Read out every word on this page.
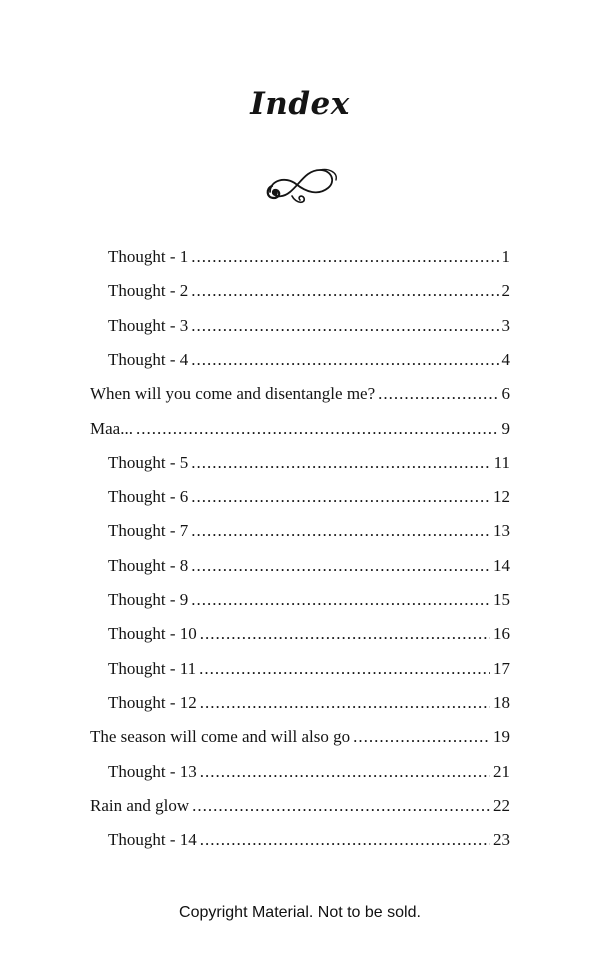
Index
Thought - 1 .....	1
Thought - 2 .....	2
Thought - 3 .....	3
Thought - 4 .....	4
When will you come and disentangle me? .....	6
Maa... .....	9
Thought - 5 .....	11
Thought - 6 .....	12
Thought - 7 .....	13
Thought - 8 .....	14
Thought - 9 .....	15
Thought - 10 .....	16
Thought - 11 .....	17
Thought - 12 .....	18
The season will come and will also go .....	19
Thought - 13 .....	21
Rain and glow .....	22
Thought - 14 .....	23
Copyright Material. Not to be sold.
